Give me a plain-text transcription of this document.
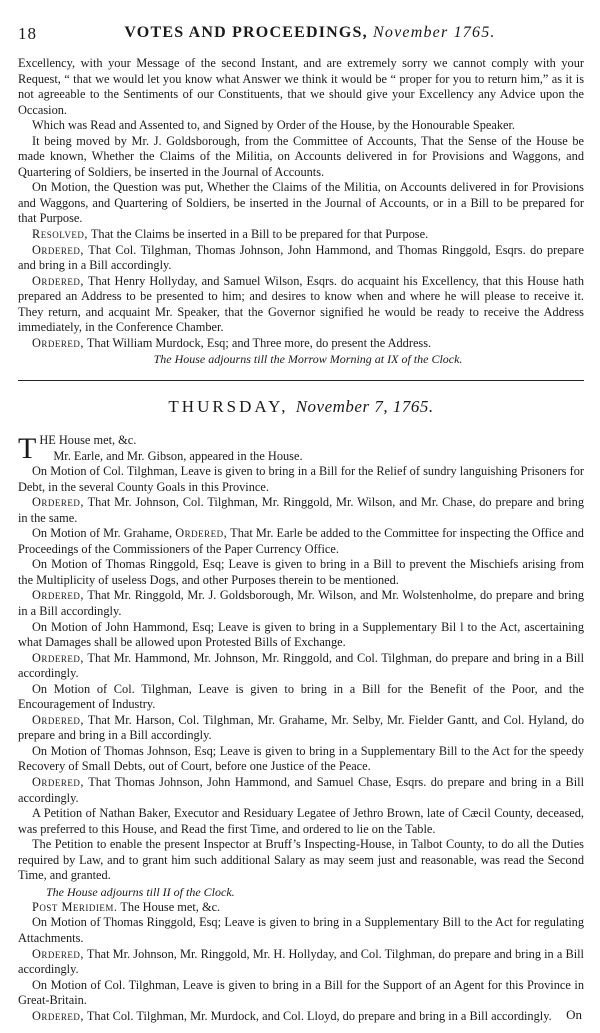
18	VOTES AND PROCEEDINGS, November 1765.

Excellency, with your Message of the second Instant, and are extremely sorry we cannot comply with your Request, “ that we would let you know what Answer we think it would be “ proper for you to return him,” as it is not agreeable to the Sentiments of our Constituents, that we should give your Excellency any Advice upon the Occasion.

Which was Read and Assented to, and Signed by Order of the House, by the Honourable Speaker.

It being moved by Mr. J. Goldsborough, from the Committee of Accounts, That the Sense of the House be made known, Whether the Claims of the Militia, on Accounts delivered in for Provisions and Waggons, and Quartering of Soldiers, be inserted in the Journal of Accounts.

On Motion, the Question was put, Whether the Claims of the Militia, on Accounts delivered in for Provisions and Waggons, and Quartering of Soldiers, be inserted in the Journal of Accounts, or in a Bill to be prepared for that Purpose.

Resolved, That the Claims be inserted in a Bill to be prepared for that Purpose.

Ordered, That Col. Tilghman, Thomas Johnson, John Hammond, and Thomas Ringgold, Esqrs. do prepare and bring in a Bill accordingly.

Ordered, That Henry Hollyday, and Samuel Wilson, Esqrs. do acquaint his Excellency, that this House hath prepared an Address to be presented to him; and desires to know when and where he will please to receive it. They return, and acquaint Mr. Speaker, that the Governor signified he would be ready to receive the Address immediately, in the Conference Chamber.

Ordered, That William Murdock, Esq; and Three more, do present the Address.

The House adjourns till the Morrow Morning at IX of the Clock.

THURSDAY, November 7, 1765.

THE House met, &c.

Mr. Earle, and Mr. Gibson, appeared in the House.

On Motion of Col. Tilghman, Leave is given to bring in a Bill for the Relief of sundry languishing Prisoners for Debt, in the several County Goals in this Province.

Ordered, That Mr. Johnson, Col. Tilghman, Mr. Ringgold, Mr. Wilson, and Mr. Chase, do prepare and bring in the same.

On Motion of Mr. Grahame, Ordered, That Mr. Earle be added to the Committee for inspecting the Office and Proceedings of the Commissioners of the Paper Currency Office.

On Motion of Thomas Ringgold, Esq; Leave is given to bring in a Bill to prevent the Mischiefs arising from the Multiplicity of useless Dogs, and other Purposes therein to be mentioned.

Ordered, That Mr. Ringgold, Mr. J. Goldsborough, Mr. Wilson, and Mr. Wolstenholme, do prepare and bring in a Bill accordingly.

On Motion of John Hammond, Esq; Leave is given to bring in a Supplementary Bil l to the Act, ascertaining what Damages shall be allowed upon Protested Bills of Exchange.

Ordered, That Mr. Hammond, Mr. Johnson, Mr. Ringgold, and Col. Tilghman, do prepare and bring in a Bill accordingly.

On Motion of Col. Tilghman, Leave is given to bring in a Bill for the Benefit of the Poor, and the Encouragement of Industry.

Ordered, That Mr. Harson, Col. Tilghman, Mr. Grahame, Mr. Selby, Mr. Fielder Gantt, and Col. Hyland, do prepare and bring in a Bill accordingly.

On Motion of Thomas Johnson, Esq; Leave is given to bring in a Supplementary Bill to the Act for the speedy Recovery of Small Debts, out of Court, before one Justice of the Peace.

Ordered, That Thomas Johnson, John Hammond, and Samuel Chase, Esqrs. do prepare and bring in a Bill accordingly.

A Petition of Nathan Baker, Executor and Residuary Legatee of Jethro Brown, late of Cæcil County, deceased, was preferred to this House, and Read the first Time, and ordered to lie on the Table.

The Petition to enable the present Inspector at Bruff’s Inspecting-House, in Talbot County, to do all the Duties required by Law, and to grant him such additional Salary as may seem just and reasonable, was read the Second Time, and granted.

The House adjourns till II of the Clock.

Post Meridiem. The House met, &c.

On Motion of Thomas Ringgold, Esq; Leave is given to bring in a Supplementary Bill to the Act for regulating Attachments.

Ordered, That Mr. Johnson, Mr. Ringgold, Mr. H. Hollyday, and Col. Tilghman, do prepare and bring in a Bill accordingly.

On Motion of Col. Tilghman, Leave is given to bring in a Bill for the Support of an Agent for this Province in Great-Britain.

Ordered, That Col. Tilghman, Mr. Murdock, and Col. Lloyd, do prepare and bring in a Bill accordingly.	On
